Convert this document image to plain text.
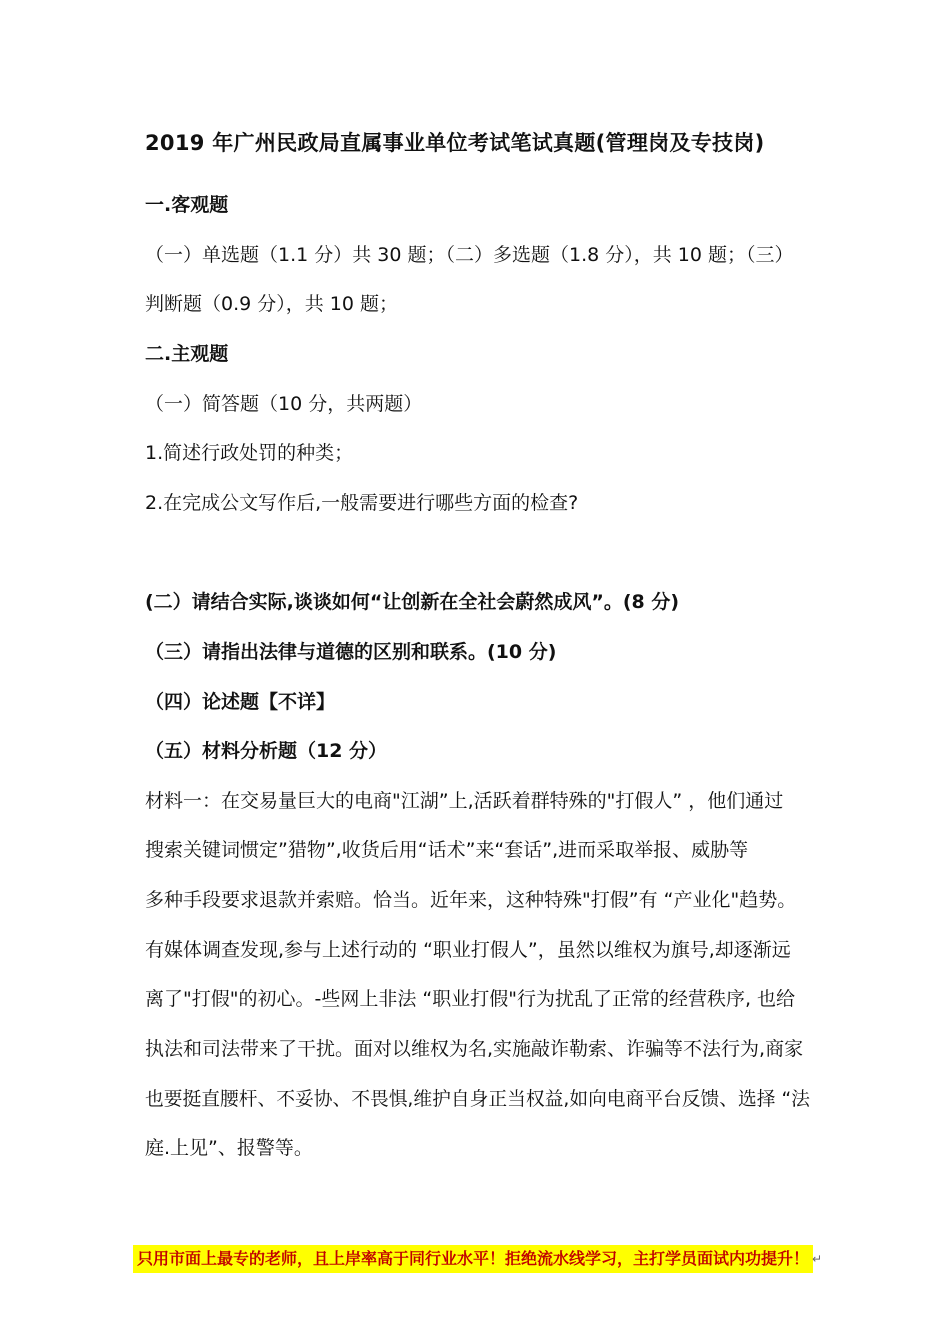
2019 年广州民政局直属事业单位考试笔试真题(管理岗及专技岗)
一.客观题
（一）单选题（1.1 分）共 30 题；（二）多选题（1.8 分），共 10 题；（三）
判断题（0.9 分），共 10 题；
二.主观题
（一）简答题（10 分，共两题）
1.简述行政处罚的种类；
2.在完成公文写作后,一般需要进行哪些方面的检查?
(二）请结合实际,谈谈如何“让创新在全社会蔚然成风”。(8 分)
（三）请指出法律与道德的区别和联系。(10 分)
（四）论述题【不详】
（五）材料分析题（12 分）
材料一：在交易量巨大的电商"江湖”上,活跃着群特殊的"打假人” ，他们通过
搜索关键词惯定”猎物”,收货后用“话术”来“套话”,进而采取举报、威胁等
多种手段要求退款并索赔。恰当。近年来，这种特殊"打假”有 “产业化"趋势。
有媒体调查发现,参与上述行动的 “职业打假人”，虽然以维权为旗号,却逐渐远
离了"打假"的初心。-些网上非法 “职业打假"行为扰乱了正常的经营秩序, 也给
执法和司法带来了干扰。面对以维权为名,实施敲诈勒索、诈骗等不法行为,商家
也要挺直腰杆、不妥协、不畏惧,维护自身正当权益,如向电商平台反馈、选择 “法
庭.上见”、报警等。
只用市面上最专的老师，且上岸率高于同行业水平！拒绝流水线学习，主打学员面试内功提升！ ↵
